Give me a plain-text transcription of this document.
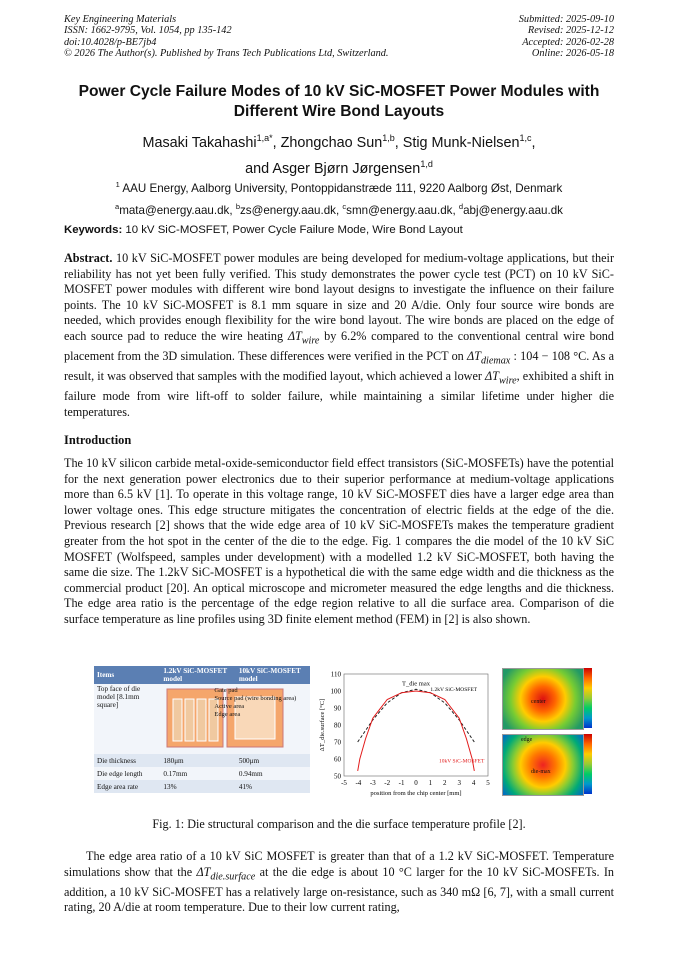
Key Engineering Materials
ISSN: 1662-9795, Vol. 1054, pp 135-142
doi:10.4028/p-BE7jb4
© 2026 The Author(s). Published by Trans Tech Publications Ltd, Switzerland.
Submitted: 2025-09-10
Revised: 2025-12-12
Accepted: 2026-02-28
Online: 2026-05-18
Power Cycle Failure Modes of 10 kV SiC-MOSFET Power Modules with Different Wire Bond Layouts
Masaki Takahashi$^{1,a*}$, Zhongchao Sun$^{1,b}$, Stig Munk-Nielsen$^{1,c}$,
and Asger Bjørn Jørgensen$^{1,d}$
$^1$ AAU Energy, Aalborg University, Pontoppidanstræde 111, 9220 Aalborg Øst, Denmark
$^a$mata@energy.aau.dk, $^b$zs@energy.aau.dk, $^c$smn@energy.aau.dk, $^d$abj@energy.aau.dk
Keywords: 10 kV SiC-MOSFET, Power Cycle Failure Mode, Wire Bond Layout
Abstract. 10 kV SiC-MOSFET power modules are being developed for medium-voltage applications, but their reliability has not yet been fully verified. This study demonstrates the power cycle test (PCT) on 10 kV SiC-MOSFET power modules with different wire bond layout designs to investigate the influence on their failure points. The 10 kV SiC-MOSFET is 8.1 mm square in size and 20 A/die. Only four source wire bonds are needed, which provides enough flexibility for the wire bond layout. The wire bonds are placed on the edge of each source pad to reduce the wire heating $\Delta T_{wire}$ by 6.2% compared to the conventional central wire bond placement from the 3D simulation. These differences were verified in the PCT on $\Delta T_{diemax}$ : 104 − 108 °C. As a result, it was observed that samples with the modified layout, which achieved a lower $\Delta T_{wire}$, exhibited a shift in failure mode from wire lift-off to solder failure, while maintaining a similar lifetime under higher die temperatures.
Introduction
The 10 kV silicon carbide metal-oxide-semiconductor field effect transistors (SiC-MOSFETs) have the potential for the next generation power electronics due to their superior performance at medium-voltage applications more than 6.5 kV [1]. To operate in this voltage range, 10 kV SiC-MOSFET dies have a larger edge area than lower voltage ones. This edge structure mitigates the concentration of electric fields at the edge of the die. Previous research [2] shows that the wide edge area of 10 kV SiC-MOSFETs makes the temperature gradient greater from the hot spot in the center of the die to the edge. Fig. 1 compares the die model of the 10 kV SiC MOSFET (Wolfspeed, samples under development) with a modelled 1.2 kV SiC-MOSFET, both having the same die size. The 1.2kV SiC-MOSFET is a hypothetical die with the same edge width and die thickness as the commercial product [20]. An optical microscope and micrometer measured the edge lengths and die thickness. The edge area ratio is the percentage of the edge region relative to all die surface area. Comparison of die surface temperature as line profiles using 3D finite element method (FEM) in [2] is also shown.
Items	1.2kV SiC-MOSFET model	10kV SiC-MOSFET model
Top face of die model [8.1mm square]	Gate pad
Source pad (wire bonding area)
Active area
Edge area	

Die thickness	180μm	500μm
Die edge length	0.17mm	0.94mm
Edge area rate	13%	41%
50
60
70
80
90
100
110
-5 -4 -3 -2 -1 0 1 2 3 4 5
position from the chip center [mm]
ΔT_die.surface [°C]
T_die max
1.2kV SiC-MOSFET
10kV SiC-MOSFET
center
edge
die-max
Fig. 1: Die structural comparison and the die surface temperature profile [2].
The edge area ratio of a 10 kV SiC MOSFET is greater than that of a 1.2 kV SiC-MOSFET. Temperature simulations show that the $\Delta T_{die.surface}$ at the die edge is about 10 °C larger for the 10 kV SiC-MOSFETs. In addition, a 10 kV SiC-MOSFET has a relatively large on-resistance, such as 340 mΩ [6, 7], with a small current rating, 20 A/die at room temperature. Due to their low current rating,
